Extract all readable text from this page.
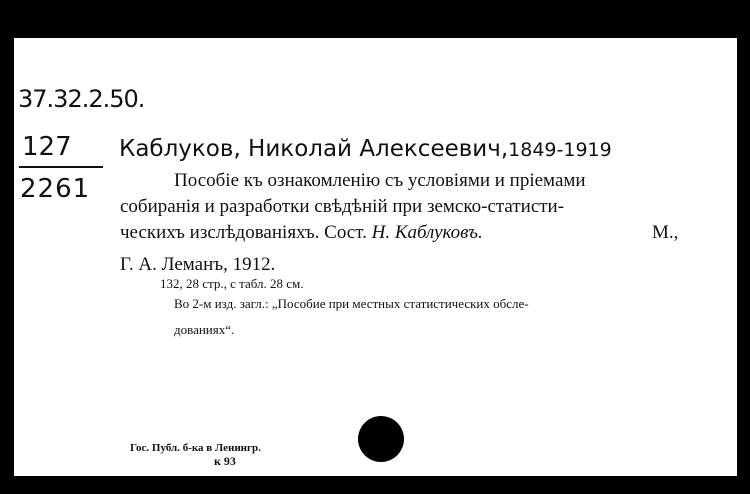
37.32.2.50.
127
2261
Каблуков, Николай Алексеевич,1849-1919
Пособіе къ ознакомленію съ условіями и пріемами
собиранія и разработки свѣдѣній при земско-статисти-
ческихъ изслѣдованіяхъ. Сост. Н. Каблуковъ.	М.,
Г. А. Леманъ, 1912.
132, 28 стр., с табл. 28 см.
Во 2-м изд. загл.: „Пособие при местных статистических обсле-
дованиях“.
Гос. Публ. б-ка в Ленингр.
к 93
